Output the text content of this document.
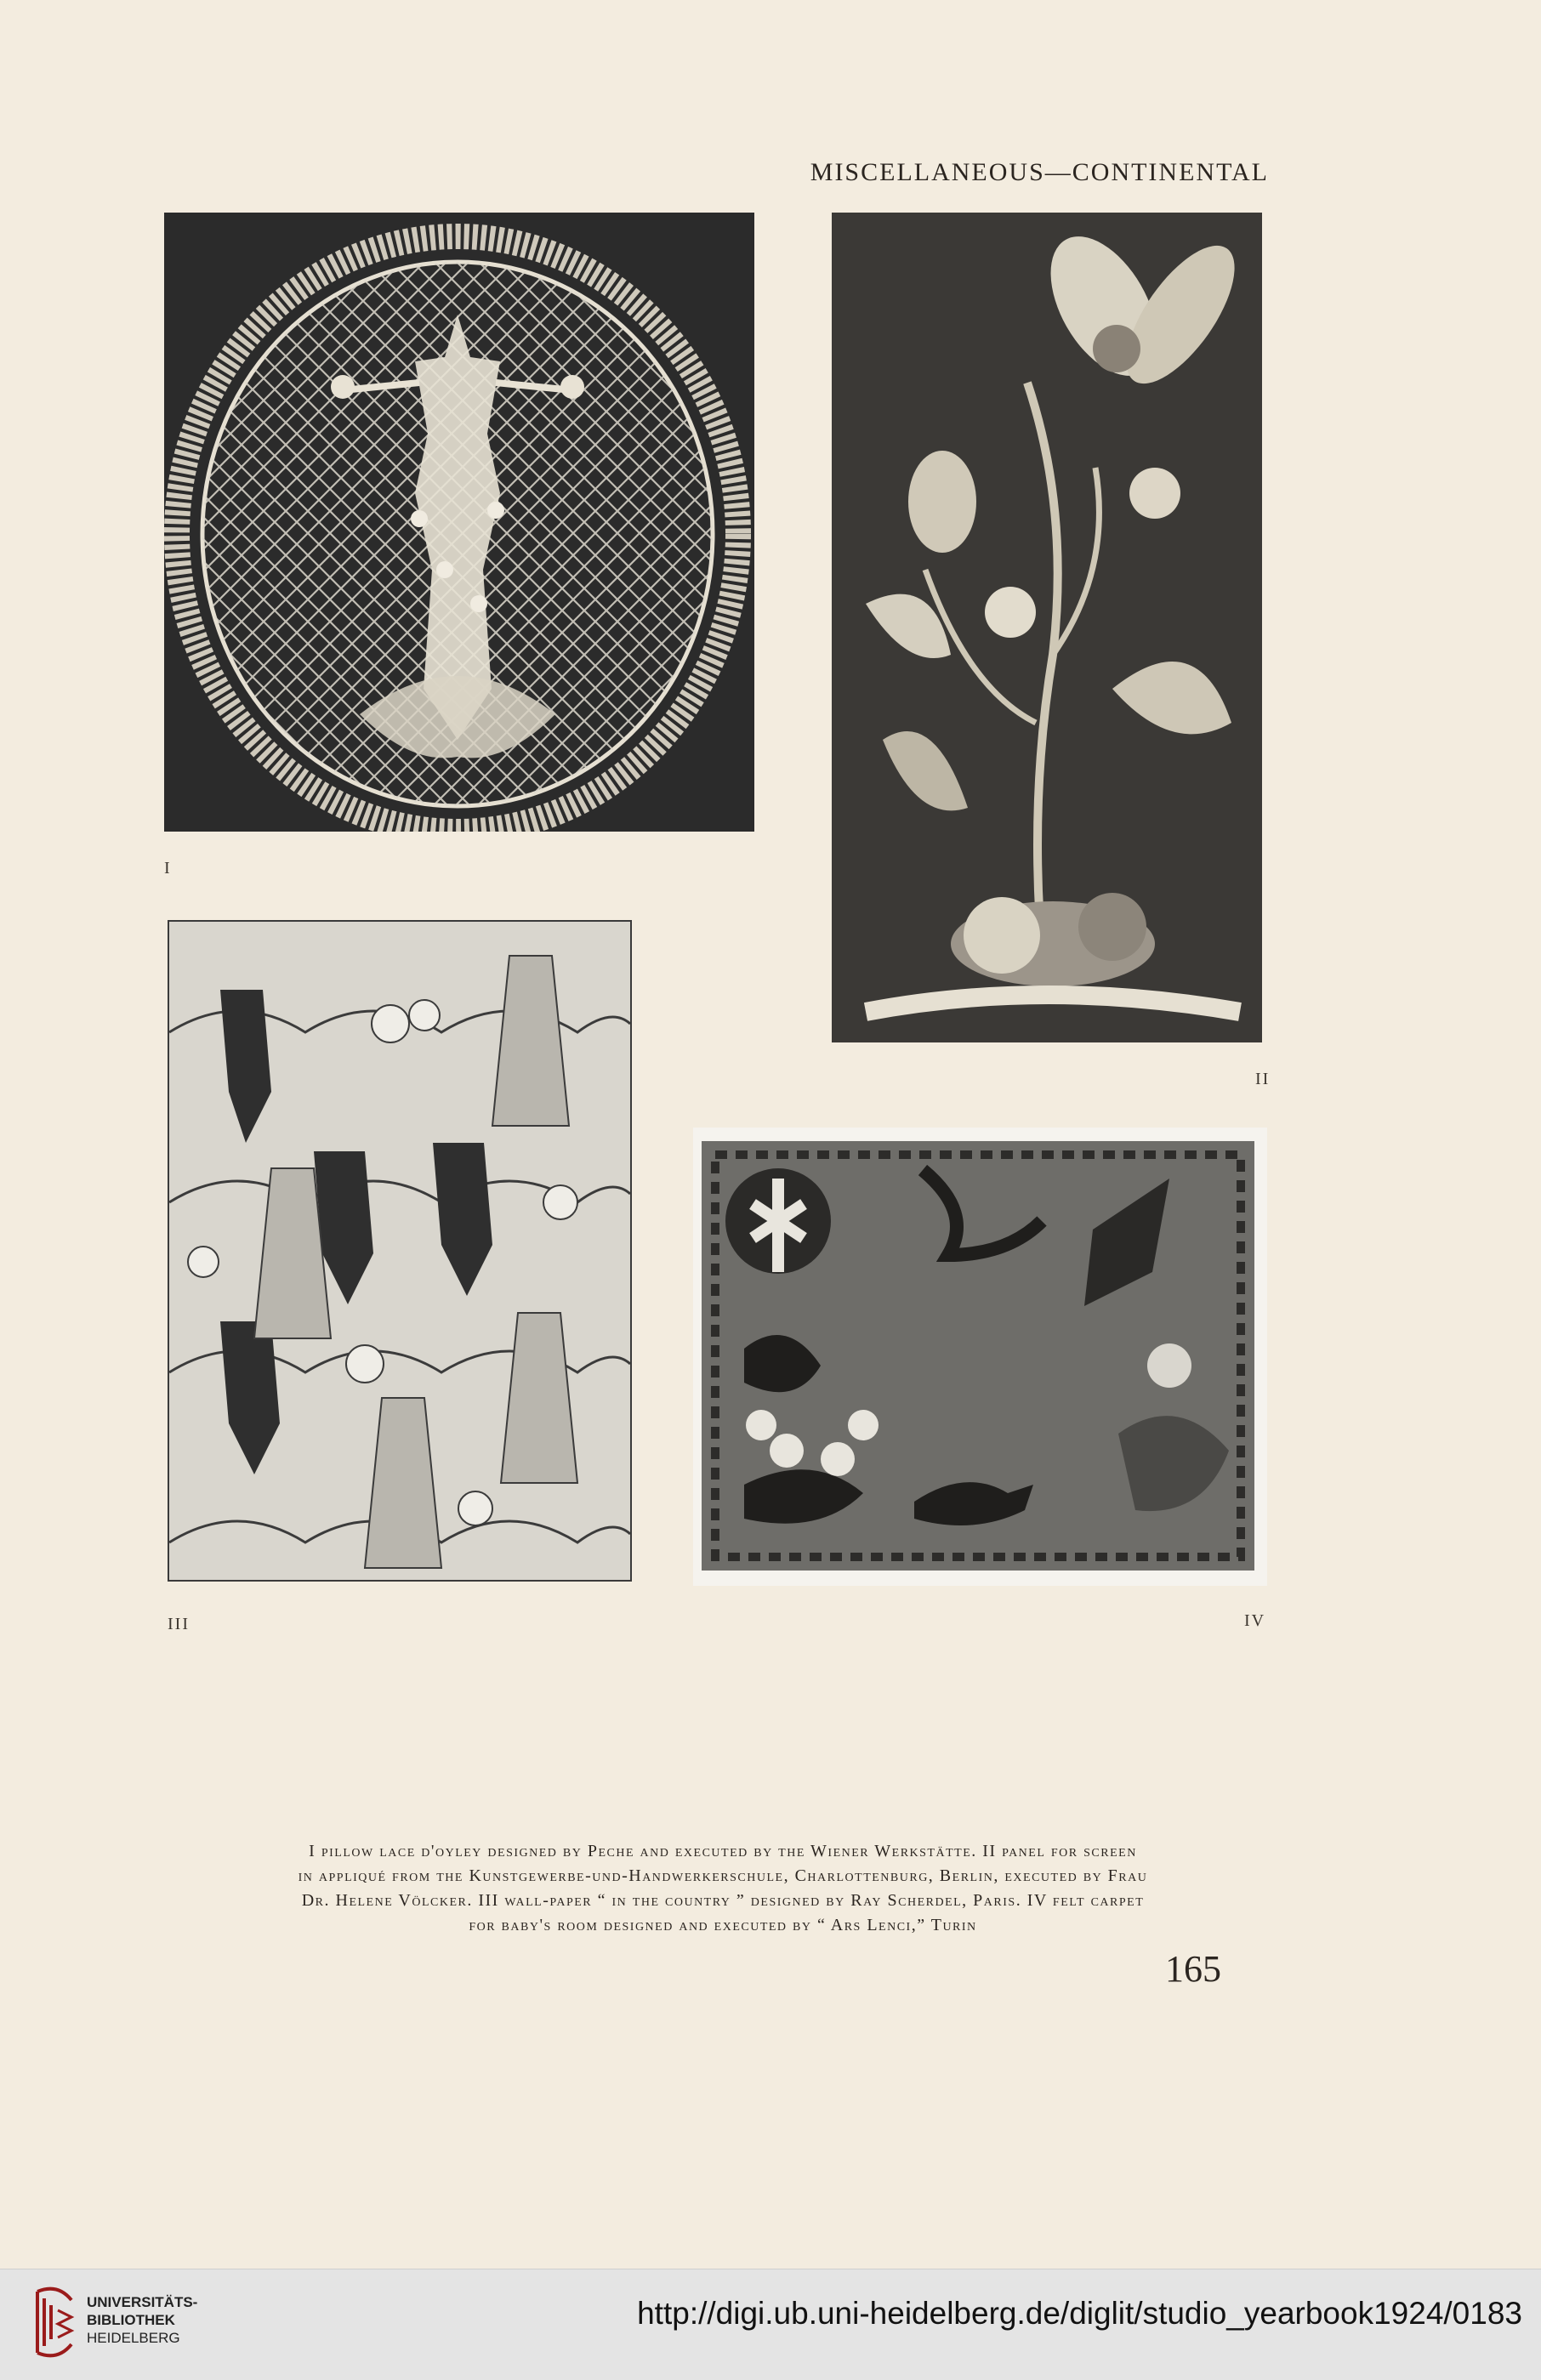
MISCELLANEOUS—CONTINENTAL
I
II
III	IV
I pillow lace d'oyley designed by Peche and executed by the Wiener Werkstätte. II panel for screen
in appliqué from the Kunstgewerbe-und-Handwerkerschule, Charlottenburg, Berlin, executed by Frau
Dr. Helene Völcker. III wall-paper “ in the country ” designed by Ray Scherdel, Paris. IV felt carpet
for baby's room designed and executed by “ Ars Lenci,” Turin
165
UNIVERSITÄTS-
BIBLIOTHEK
HEIDELBERG
http://digi.ub.uni-heidelberg.de/diglit/studio_yearbook1924/0183
